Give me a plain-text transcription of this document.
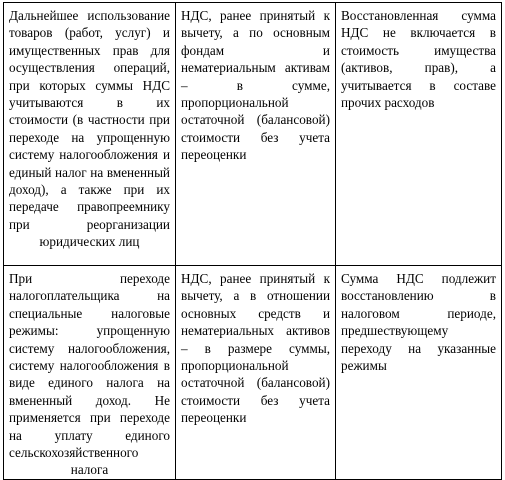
Дальнейшее использование товаров (работ, услуг) и имущественных прав для осуществления операций, при которых суммы НДС учитываются в их стоимости (в частности при переходе на упрощенную систему налогообложения и единый налог на вмененный доход), а также при их передаче правопреемнику при реорганизации юридических лиц	НДС, ранее принятый к вычету, а по основным фондам и нематериальным активам – в сумме, пропорциональной остаточной (балансовой) стоимости без учета переоценки	Восстановленная сумма НДС не включается в стоимость имущества (активов, прав), а учитывается в составе прочих расходов
При переходе налогоплательщика на специальные налоговые режимы: упрощенную систему налогообложения, систему налогообложения в виде единого налога на вмененный доход. Не применяется при переходе на уплату единого сельскохозяйственного налога	НДС, ранее принятый к вычету, а в отношении основных средств и нематериальных активов – в размере суммы, пропорциональной остаточной (балансовой) стоимости без учета переоценки	Сумма НДС подлежит восстановлению в налоговом периоде, предшествующему переходу на указанные режимы
